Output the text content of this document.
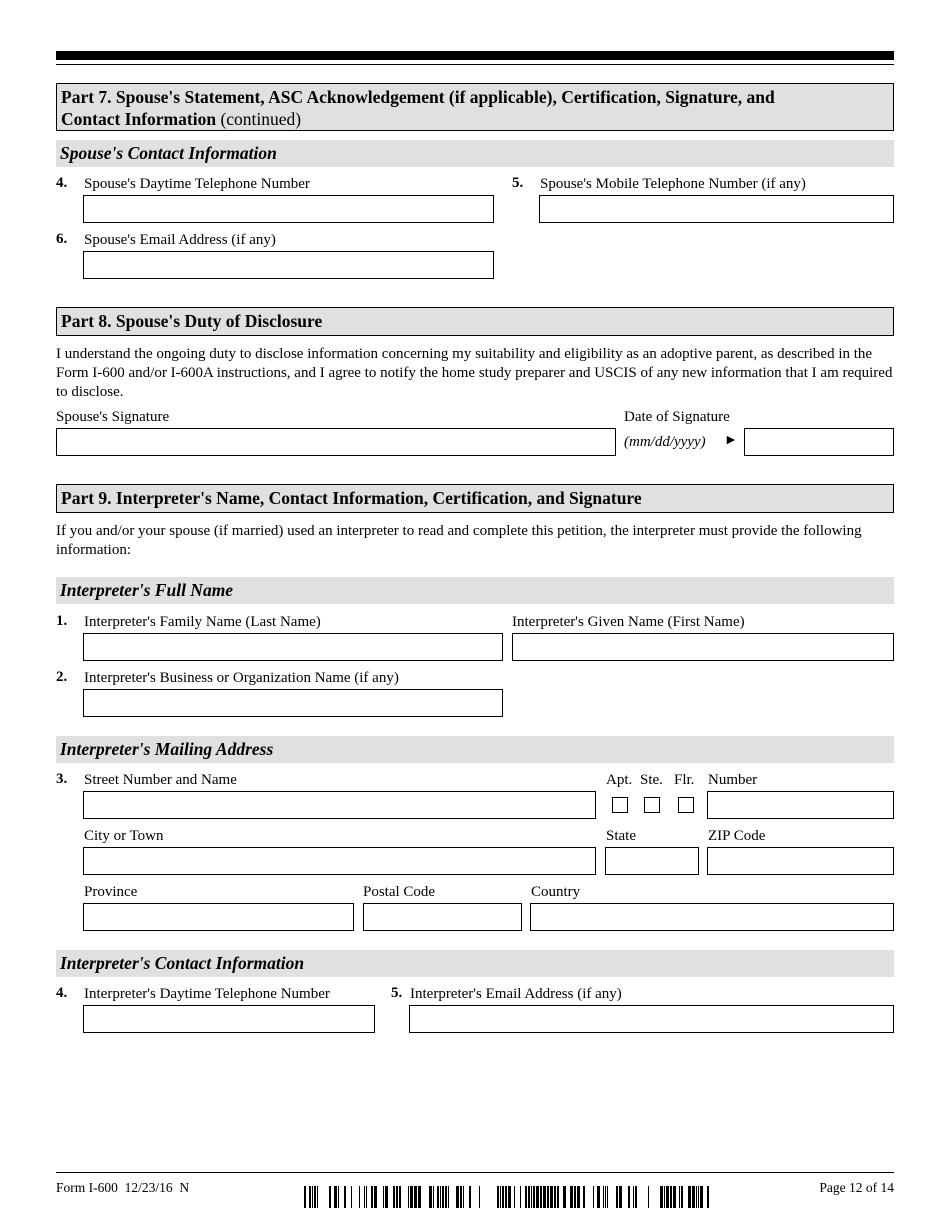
Part 7. Spouse's Statement, ASC Acknowledgement (if applicable), Certification, Signature, and
Contact Information (continued)
Spouse's Contact Information
4. Spouse's Daytime Telephone Number	5. Spouse's Mobile Telephone Number (if any)
6. Spouse's Email Address (if any)
Part 8. Spouse's Duty of Disclosure
I understand the ongoing duty to disclose information concerning my suitability and eligibility as an adoptive parent, as described in the Form I-600 and/or I-600A instructions, and I agree to notify the home study preparer and USCIS of any new information that I am required to disclose.
Spouse's Signature	Date of Signature
(mm/dd/yyyy) ►
Part 9. Interpreter's Name, Contact Information, Certification, and Signature
If you and/or your spouse (if married) used an interpreter to read and complete this petition, the interpreter must provide the following information:
Interpreter's Full Name
1. Interpreter's Family Name (Last Name)	Interpreter's Given Name (First Name)
2. Interpreter's Business or Organization Name (if any)
Interpreter's Mailing Address
3. Street Number and Name	Apt. Ste. Flr. Number
City or Town	State	ZIP Code
Province	Postal Code	Country
Interpreter's Contact Information
4. Interpreter's Daytime Telephone Number	5. Interpreter's Email Address (if any)
Form I-600  12/23/16  N	Page 12 of 14
